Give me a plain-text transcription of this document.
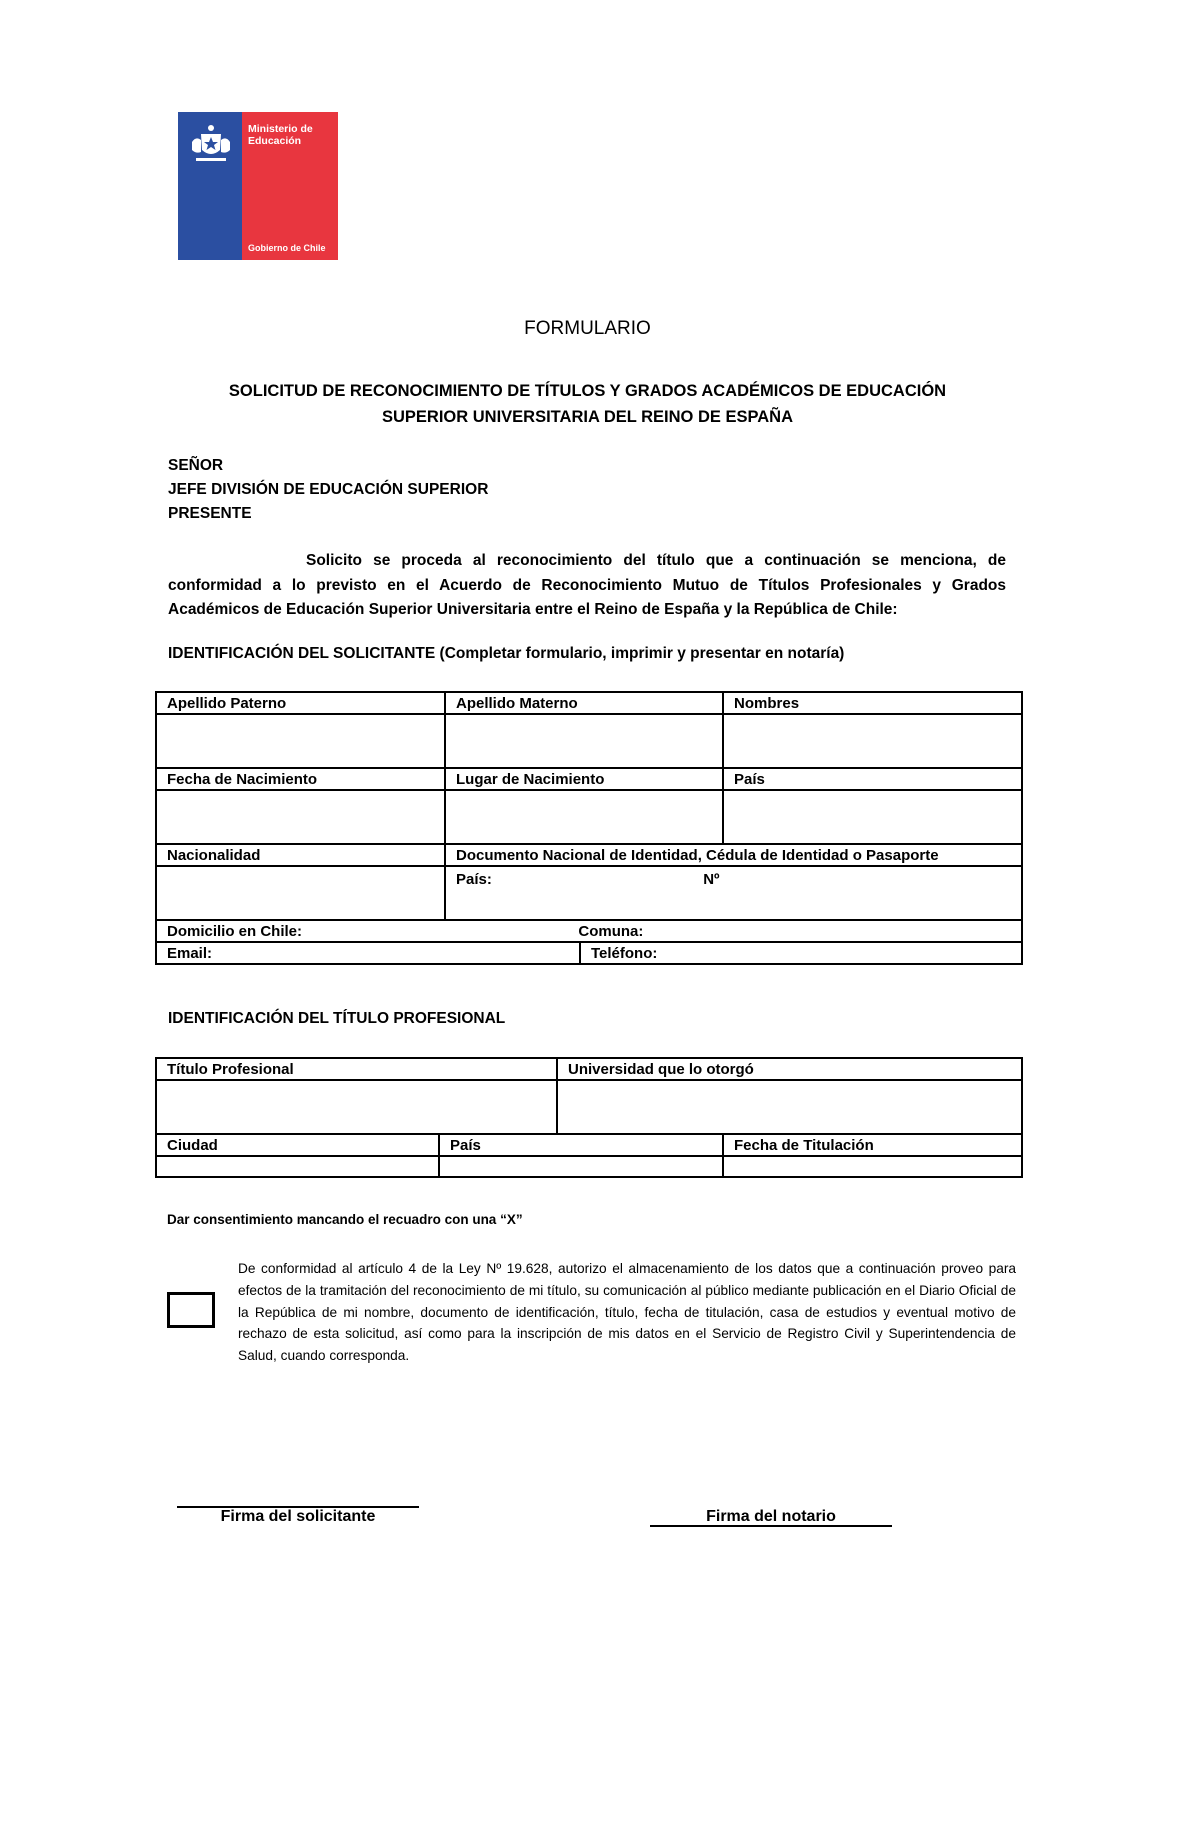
Ministerio de Educación
Gobierno de Chile
FORMULARIO
SOLICITUD DE RECONOCIMIENTO DE TÍTULOS Y GRADOS ACADÉMICOS DE EDUCACIÓN
SUPERIOR UNIVERSITARIA DEL REINO DE ESPAÑA
SEÑOR
JEFE DIVISIÓN DE EDUCACIÓN SUPERIOR
PRESENTE
Solicito se proceda al reconocimiento del título que a continuación se menciona, de conformidad a lo previsto en el Acuerdo de Reconocimiento Mutuo de Títulos Profesionales y Grados Académicos de Educación Superior Universitaria entre el Reino de España y la República de Chile:
IDENTIFICACIÓN DEL SOLICITANTE (Completar formulario, imprimir y presentar en notaría)
Apellido Paterno	Apellido Materno		Nombres

Fecha de Nacimiento	Lugar de Nacimiento		País

Nacionalidad	Documento Nacional de Identidad, Cédula de Identidad o Pasaporte		
	País: Nº		
Domicilio en Chile: Comuna:			
Email:		Teléfono:	
IDENTIFICACIÓN DEL TÍTULO PROFESIONAL
Título Profesional		Universidad que lo otorgó	

Ciudad	País		Fecha de Titulación

Dar consentimiento mancando el recuadro con una “X”
De conformidad al artículo 4 de la Ley Nº 19.628, autorizo el almacenamiento de los datos que a continuación proveo para efectos de la tramitación del reconocimiento de mi título, su comunicación al público mediante publicación en el Diario Oficial de la República de mi nombre, documento de identificación, título, fecha de titulación, casa de estudios y eventual motivo de rechazo de esta solicitud, así como para la inscripción de mis datos en el Servicio de Registro Civil y Superintendencia de Salud, cuando corresponda.
Firma del solicitante	Firma del notario
